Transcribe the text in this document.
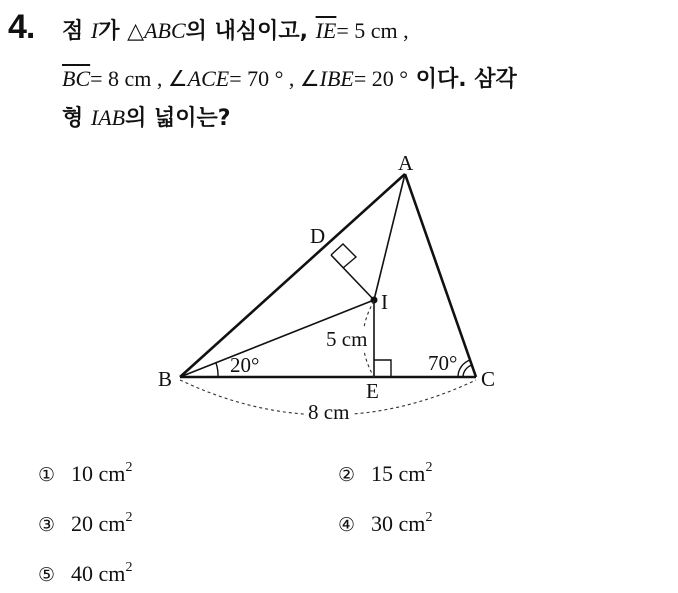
4. 점 I가 △ABC의 내심이고, $\overline{IE}= 5$ cm ,
$\overline{BC}= 8$ cm , ∠ACE= 70 ° , ∠IBE= 20 ° 이다. 삼각
형 IAB의 넓이는?
A
B	C
D
E
I
5 cm
8 cm
20°	70°
① 10 $cm^2$	② 15 $cm^2$
③ 20 $cm^2$	④ 30 $cm^2$
⑤ 40 $cm^2$
